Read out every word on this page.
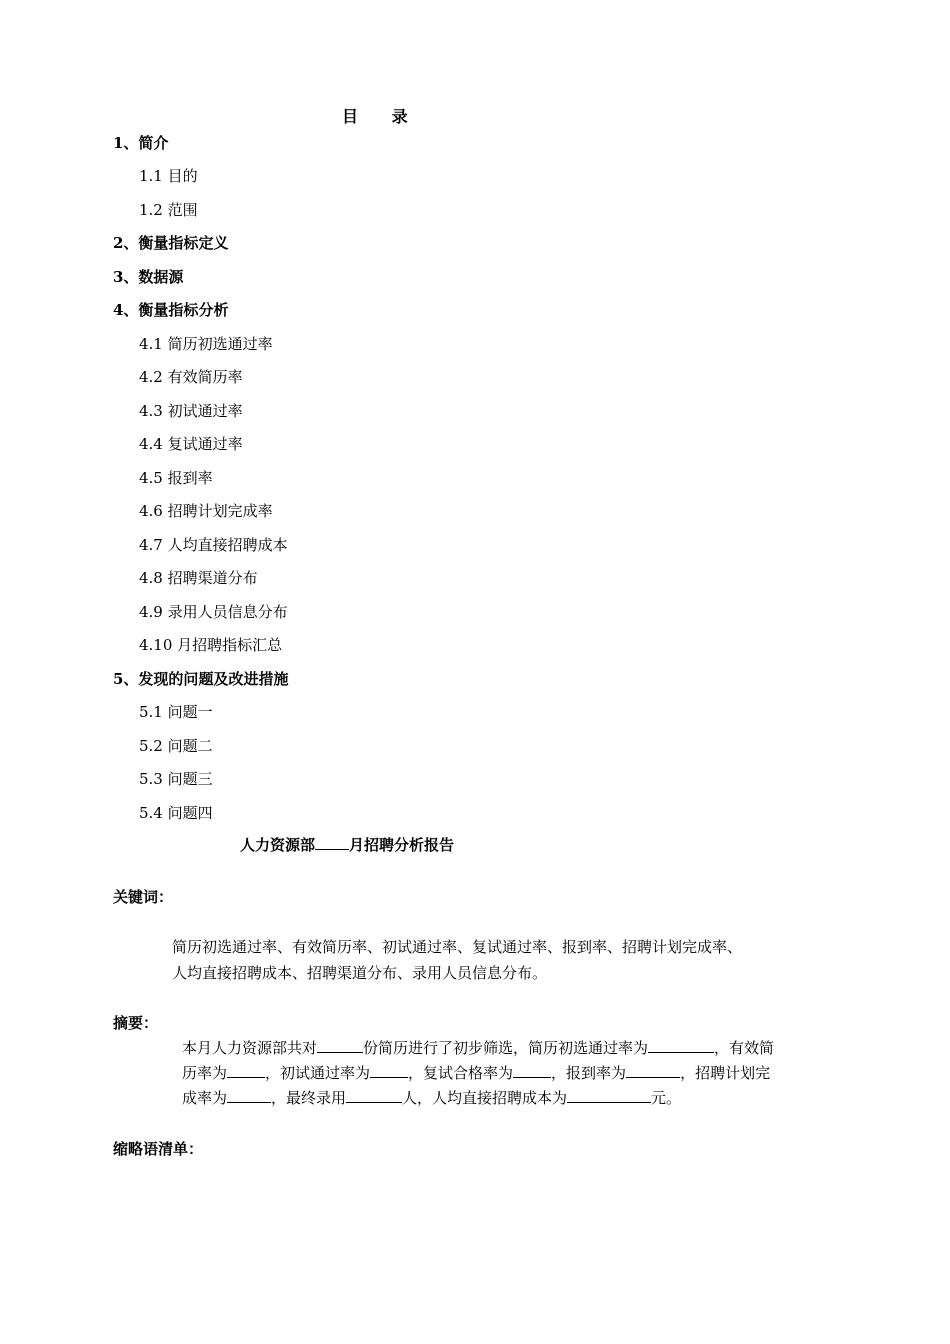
目 录
1、简介
1.1 目的
1.2 范围
2、衡量指标定义
3、数据源
4、衡量指标分析
4.1 简历初选通过率
4.2 有效简历率
4.3 初试通过率
4.4 复试通过率
4.5 报到率
4.6 招聘计划完成率
4.7 人均直接招聘成本
4.8 招聘渠道分布
4.9 录用人员信息分布
4.10 月招聘指标汇总
5、发现的问题及改进措施
5.1 问题一
5.2 问题二
5.3 问题三
5.4 问题四
人力资源部 月招聘分析报告
关键词：
简历初选通过率、有效简历率、初试通过率、复试通过率、报到率、招聘计划完成率、
人均直接招聘成本、招聘渠道分布、录用人员信息分布。
摘要：
本月人力资源部共对	份简历进行了初步筛选，简历初选通过率为	，有效简
历率为	，初试通过率为	，复试合格率为	，报到率为	，招聘计划完
成率为	，最终录用	人，人均直接招聘成本为	元。
缩略语清单：
